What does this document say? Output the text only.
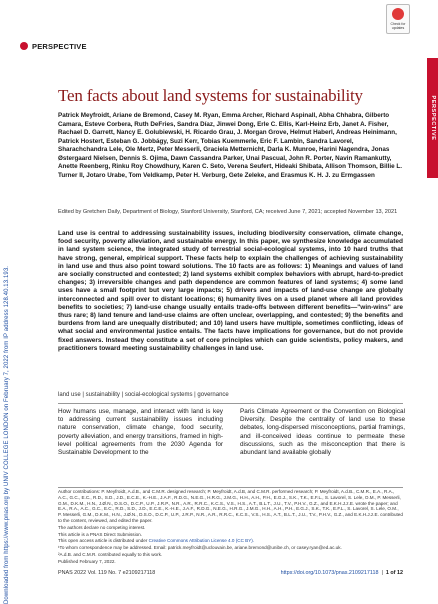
Downloaded from https://www.pnas.org by UNIV COLLEGE LONDON on February 7, 2022 from IP address 128.40.13.193.
PERSPECTIVE
Check for updates
PERSPECTIVE
Ten facts about land systems for sustainability
Patrick Meyfroidt, Ariane de Bremond, Casey M. Ryan, Emma Archer, Richard Aspinall, Abha Chhabra, Gilberto Camara, Esteve Corbera, Ruth DeFries, Sandra Díaz, Jinwei Dong, Erle C. Ellis, Karl-Heinz Erb, Janet A. Fisher, Rachael D. Garrett, Nancy E. Golubiewski, H. Ricardo Grau, J. Morgan Grove, Helmut Haberl, Andreas Heinimann, Patrick Hostert, Esteban G. Jobbágy, Suzi Kerr, Tobias Kuemmerle, Eric F. Lambin, Sandra Lavorel, Sharachchandra Lele, Ole Mertz, Peter Messerli, Graciela Metternicht, Darla K. Munroe, Harini Nagendra, Jonas Østergaard Nielsen, Dennis S. Ojima, Dawn Cassandra Parker, Unai Pascual, John R. Porter, Navin Ramankutty, Anette Reenberg, Rinku Roy Chowdhury, Karen C. Seto, Verena Seufert, Hideaki Shibata, Allison Thomson, Billie L. Turner II, Jotaro Urabe, Tom Veldkamp, Peter H. Verburg, Gete Zeleke, and Erasmus K. H. J. zu Ermgassen
Edited by Gretchen Daily, Department of Biology, Stanford University, Stanford, CA; received June 7, 2021; accepted November 13, 2021
Land use is central to addressing sustainability issues, including biodiversity conservation, climate change, food security, poverty alleviation, and sustainable energy. In this paper, we synthesize knowledge accumulated in land system science, the integrated study of terrestrial social-ecological systems, into 10 hard truths that have strong, general, empirical support. These facts help to explain the challenges of achieving sustainability in land use and thus also point toward solutions. The 10 facts are as follows: 1) Meanings and values of land are socially constructed and contested; 2) land systems exhibit complex behaviors with abrupt, hard-to-predict changes; 3) irreversible changes and path dependence are common features of land systems; 4) some land uses have a small footprint but very large impacts; 5) drivers and impacts of land-use change are globally interconnected and spill over to distant locations; 6) humanity lives on a used planet where all land provides benefits to societies; 7) land-use change usually entails trade-offs between different benefits—"win-wins" are thus rare; 8) land tenure and land-use claims are often unclear, overlapping, and contested; 9) the benefits and burdens from land are unequally distributed; and 10) land users have multiple, sometimes conflicting, ideas of what social and environmental justice entails. The facts have implications for governance, but do not provide fixed answers. Instead they constitute a set of core principles which can guide scientists, policy makers, and practitioners toward meeting sustainability challenges in land use.
land use | sustainability | social-ecological systems | governance
How humans use, manage, and interact with land is key to addressing current sustainability issues including nature conservation, climate change, food security, poverty alleviation, and energy transitions, framed in high-level political agreements from the 2030 Agenda for Sustainable Development to the
Paris Climate Agreement or the Convention on Biological Diversity. Despite the centrality of land use to these debates, long-dispersed misconceptions, partial framings, and ill-conceived ideas continue to permeate these discussions, such as the misconception that there is abundant land available globally

Author contributions: P. Meyfroidt, A.d.B., and C.M.R. designed research; P. Meyfroidt, A.d.B, and C.M.R. performed research; P. Meyfroidt, A.d.B., C.M.R., E.A., R.A., A.C., G.C., E.C., R.D., S.D., J.D., E.C.E., K.-H.E., J.A.F., R.D.G., N.E.G., H.R.G., J.M.G., H.H., A.H., P.H., E.G.J., S.K., T.K., E.F.L., S. Lavorel, S. Lele, O.M., P. Messerli, G.M., D.K.M., H.N., J.Ø.N., D.S.O., D.C.P., U.P., J.R.P., N.R., A.R., R.R.C., K.C.S., V.S., H.S., A.T., B.L.T., J.U., T.V., P.H.V., G.Z., and E.K.H.J.z.E. wrote the paper; and E.A., R.A., A.C., G.C., E.C., R.D., S.D., J.D., E.C.E., K.-H.E., J.A.F., R.D.G., N.E.G., H.R.G., J.M.G., H.H., A.H., P.H., E.G.J., S.K., T.K., E.F.L., S. Lavorel, S. Lele, O.M., P. Messerli, G.M., D.K.M., H.N., J.Ø.N., D.S.O., D.C.P., U.P., J.R.P., N.R., A.R., R.R.C., K.C.S., V.S., H.S., A.T., B.L.T., J.U., T.V., P.H.V., G.Z., and E.K.H.J.z.E. contributed to the content, reviewed, and edited the paper.

The authors declare no competing interest.

This article is a PNAS Direct Submission.

This open access article is distributed under Creative Commons Attribution License 4.0 (CC BY).

¹To whom correspondence may be addressed. Email: patrick.meyfroidt@uclouvain.be, ariane.bremond@unibe.ch, or casey.ryan@ed.ac.uk.

²A.d.B. and C.M.R. contributed equally to this work.

Published February 7, 2022.

PNAS 2022 Vol. 119 No. 7 e2109217118	https://doi.org/10.1073/pnas.2109217118  |  1 of 12
